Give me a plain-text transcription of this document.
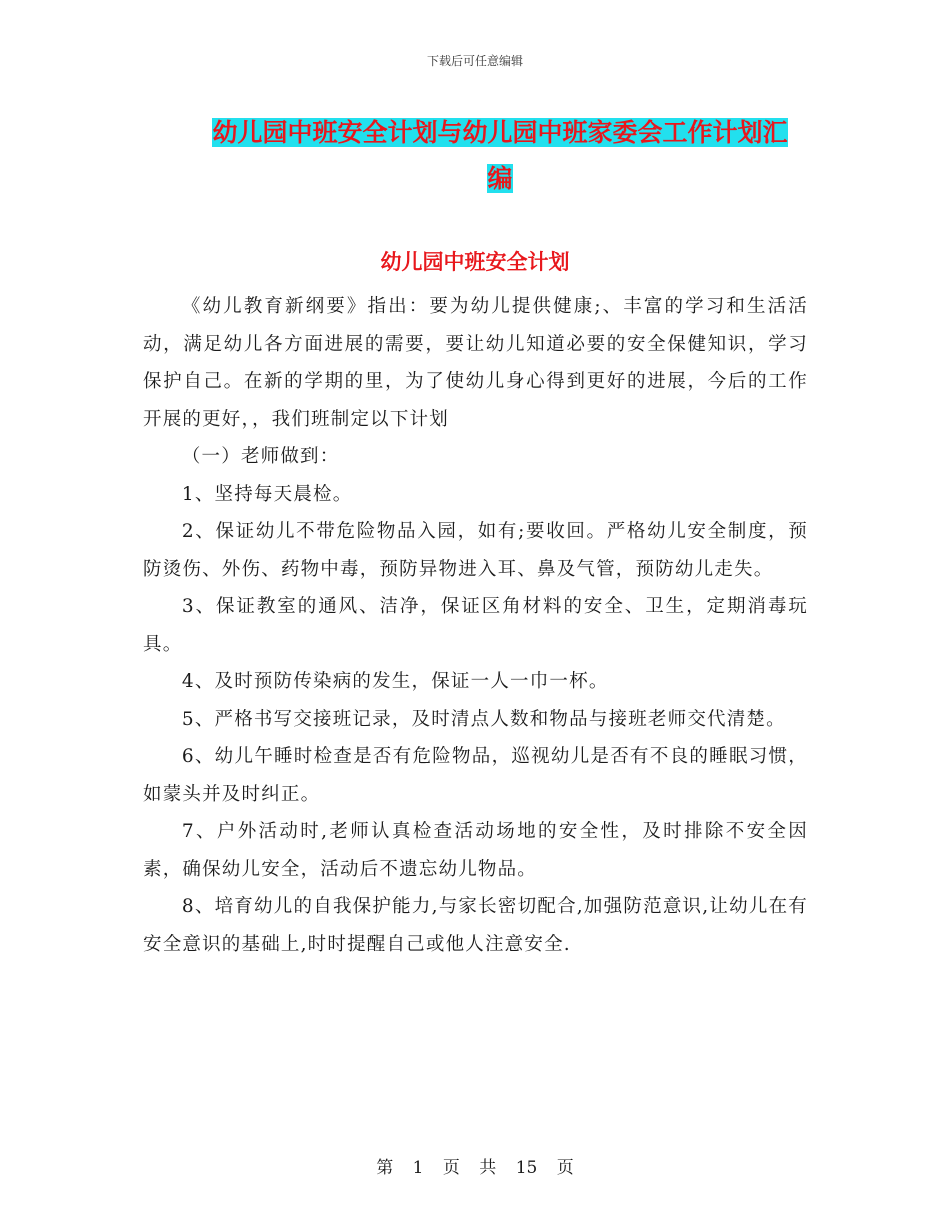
下载后可任意编辑
幼儿园中班安全计划与幼儿园中班家委会工作计划汇
编
幼儿园中班安全计划

《幼儿教育新纲要》指出：要为幼儿提供健康;、丰富的学习和生活活动，满足幼儿各方面进展的需要，要让幼儿知道必要的安全保健知识，学习保护自己。在新的学期的里，为了使幼儿身心得到更好的进展，今后的工作开展的更好，，我们班制定以下计划

（一）老师做到：

1、坚持每天晨检。

2、保证幼儿不带危险物品入园，如有;要收回。严格幼儿安全制度，预防烫伤、外伤、药物中毒，预防异物进入耳、鼻及气管，预防幼儿走失。

3、保证教室的通风、洁净，保证区角材料的安全、卫生，定期消毒玩具。

4、及时预防传染病的发生，保证一人一巾一杯。

5、严格书写交接班记录，及时清点人数和物品与接班老师交代清楚。

6、幼儿午睡时检查是否有危险物品，巡视幼儿是否有不良的睡眠习惯，如蒙头并及时纠正。

7、户外活动时,老师认真检查活动场地的安全性，及时排除不安全因素，确保幼儿安全，活动后不遗忘幼儿物品。

8、培育幼儿的自我保护能力,与家长密切配合,加强防范意识,让幼儿在有安全意识的基础上,时时提醒自己或他人注意安全.

第 1 页 共 15 页
